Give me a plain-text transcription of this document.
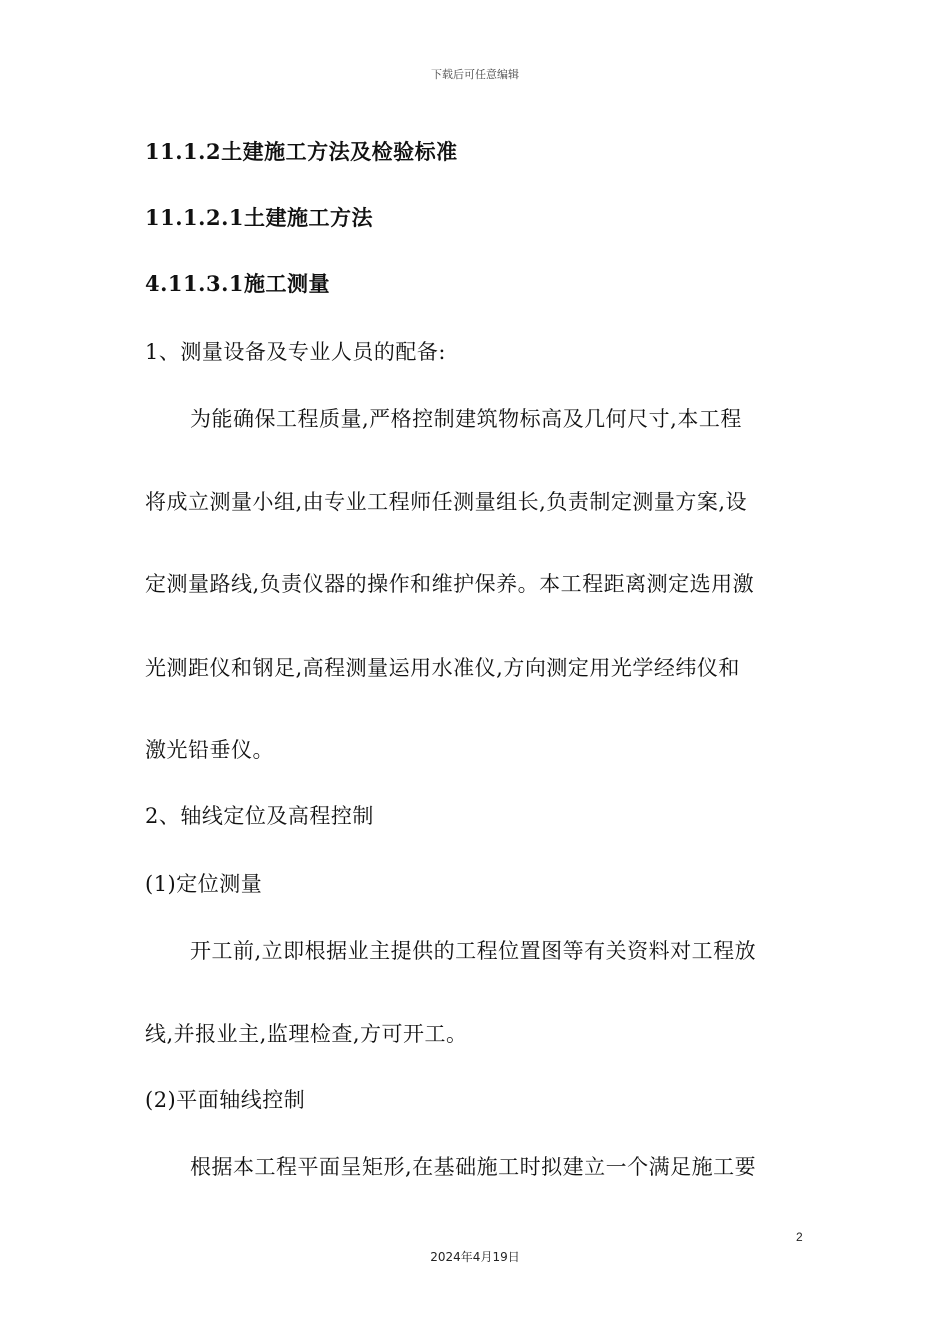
下载后可任意编辑
11.1.2土建施工方法及检验标准
11.1.2.1土建施工方法
4.11.3.1施工测量
1、测量设备及专业人员的配备:
为能确保工程质量,严格控制建筑物标高及几何尺寸,本工程
将成立测量小组,由专业工程师任测量组长,负责制定测量方案,设
定测量路线,负责仪器的操作和维护保养。本工程距离测定选用激
光测距仪和钢足,高程测量运用水准仪,方向测定用光学经纬仪和
激光铅垂仪。
2、轴线定位及高程控制
(1)定位测量
开工前,立即根据业主提供的工程位置图等有关资料对工程放
线,并报业主,监理检查,方可开工。
(2)平面轴线控制
根据本工程平面呈矩形,在基础施工时拟建立一个满足施工要
2
2024年4月19日
